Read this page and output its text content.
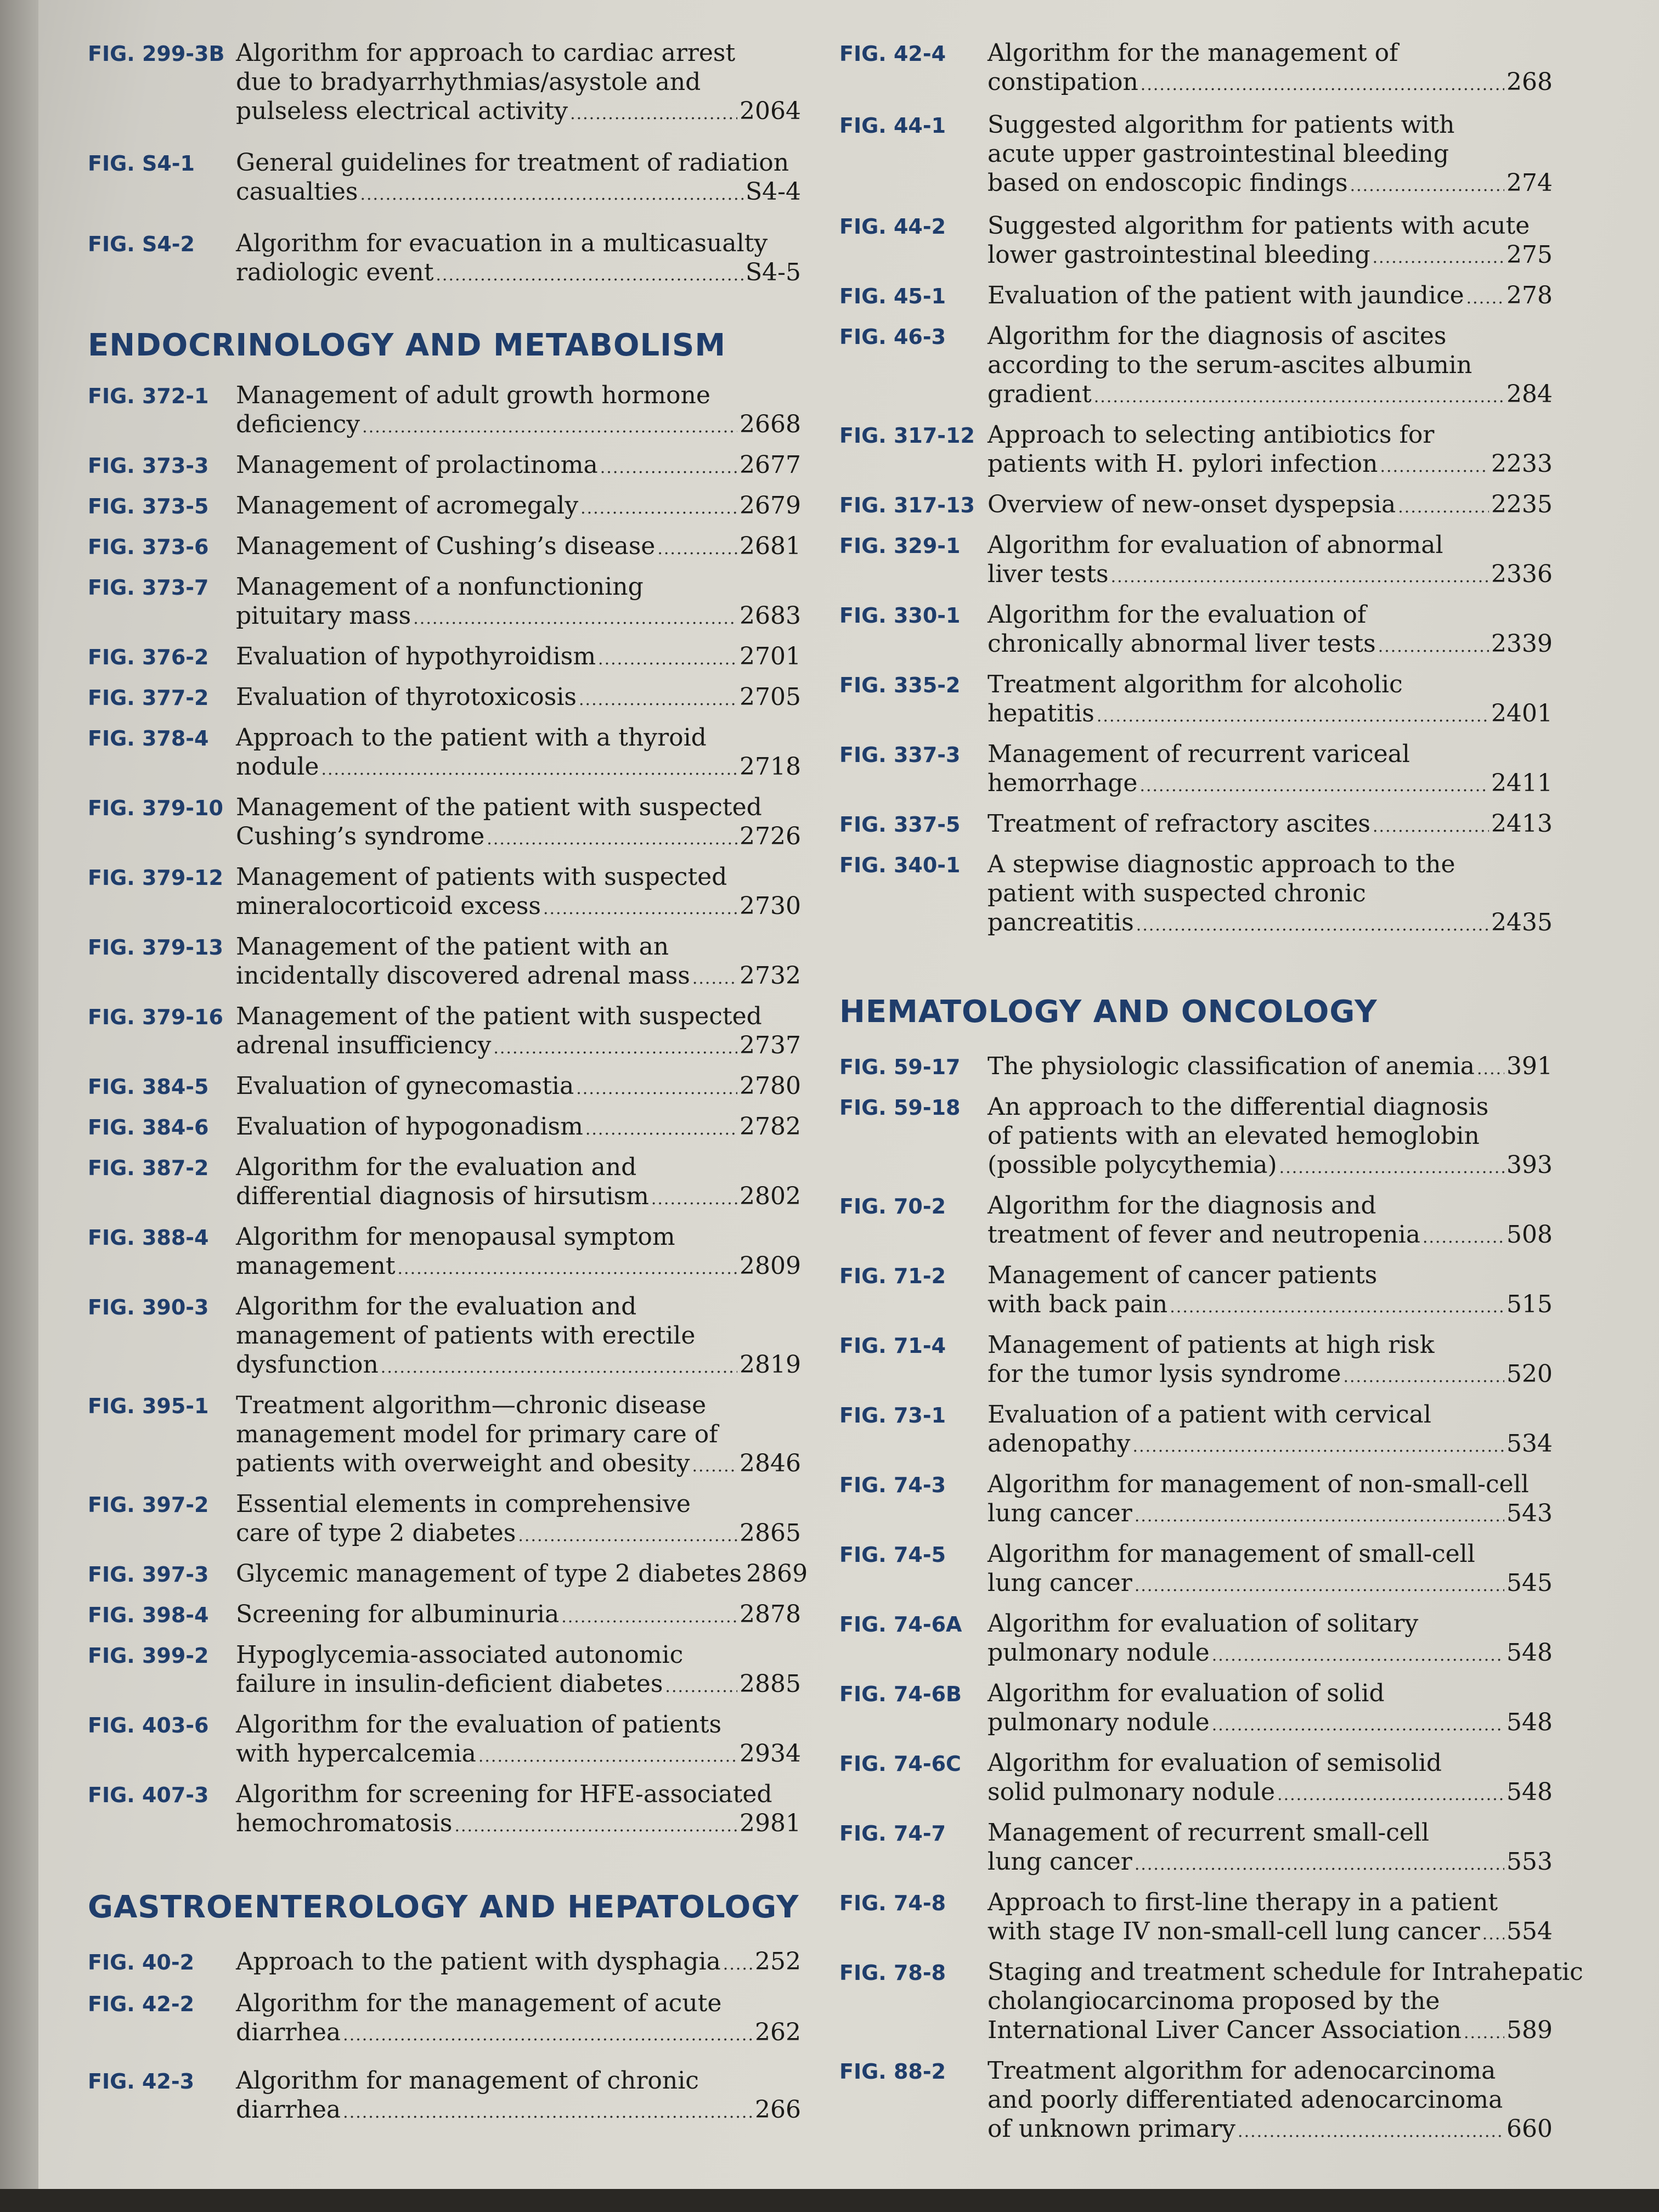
FIG. 299-3B Algorithm for approach to cardiac arrest
due to bradyarrhythmias/asystole and
pulseless electrical activity .....	2064
FIG. S4-1 General guidelines for treatment of radiation
casualties .....	S4-4
FIG. S4-2 Algorithm for evacuation in a multicasualty
radiologic event .....	S4-5
ENDOCRINOLOGY AND METABOLISM
FIG. 372-1 Management of adult growth hormone
deficiency .....	2668
FIG. 373-3 Management of prolactinoma .....	2677
FIG. 373-5 Management of acromegaly .....	2679
FIG. 373-6 Management of Cushing’s disease .....	2681
FIG. 373-7 Management of a nonfunctioning
pituitary mass .....	2683
FIG. 376-2 Evaluation of hypothyroidism .....	2701
FIG. 377-2 Evaluation of thyrotoxicosis .....	2705
FIG. 378-4 Approach to the patient with a thyroid
nodule .....	2718
FIG. 379-10 Management of the patient with suspected
Cushing’s syndrome .....	2726
FIG. 379-12 Management of patients with suspected
mineralocorticoid excess .....	2730
FIG. 379-13 Management of the patient with an
incidentally discovered adrenal mass ..... 2732
FIG. 379-16 Management of the patient with suspected
adrenal insufficiency .....	2737
FIG. 384-5 Evaluation of gynecomastia .....	2780
FIG. 384-6 Evaluation of hypogonadism .....	2782
FIG. 387-2 Algorithm for the evaluation and
differential diagnosis of hirsutism .....	2802
FIG. 388-4 Algorithm for menopausal symptom
management .....	2809
FIG. 390-3 Algorithm for the evaluation and
management of patients with erectile
dysfunction .....	2819
FIG. 395-1 Treatment algorithm—chronic disease
management model for primary care of
patients with overweight and obesity ..... 2846
FIG. 397-2 Essential elements in comprehensive
care of type 2 diabetes .....	2865
FIG. 397-3 Glycemic management of type 2 diabetes 2869
FIG. 398-4 Screening for albuminuria .....	2878
FIG. 399-2 Hypoglycemia-associated autonomic
failure in insulin-deficient diabetes .....	2885
FIG. 403-6 Algorithm for the evaluation of patients
with hypercalcemia .....	2934
FIG. 407-3 Algorithm for screening for HFE-associated
hemochromatosis .....	2981
GASTROENTEROLOGY AND HEPATOLOGY
FIG. 40-2 Approach to the patient with dysphagia ..... 252
FIG. 42-2 Algorithm for the management of acute
diarrhea .....	262
FIG. 42-3 Algorithm for management of chronic
diarrhea .....	266
FIG. 42-4 Algorithm for the management of
constipation .....	268
FIG. 44-1 Suggested algorithm for patients with
acute upper gastrointestinal bleeding
based on endoscopic findings .....	274
FIG. 44-2 Suggested algorithm for patients with acute
lower gastrointestinal bleeding .....	275
FIG. 45-1 Evaluation of the patient with jaundice ..... 278
FIG. 46-3 Algorithm for the diagnosis of ascites
according to the serum-ascites albumin
gradient .....	284
FIG. 317-12 Approach to selecting antibiotics for
patients with H. pylori infection .....	2233
FIG. 317-13 Overview of new-onset dyspepsia .....	2235
FIG. 329-1 Algorithm for evaluation of abnormal
liver tests .....	2336
FIG. 330-1 Algorithm for the evaluation of
chronically abnormal liver tests .....	2339
FIG. 335-2 Treatment algorithm for alcoholic
hepatitis .....	2401
FIG. 337-3 Management of recurrent variceal
hemorrhage .....	2411
FIG. 337-5 Treatment of refractory ascites .....	2413
FIG. 340-1 A stepwise diagnostic approach to the
patient with suspected chronic
pancreatitis .....	2435
HEMATOLOGY AND ONCOLOGY
FIG. 59-17 The physiologic classification of anemia ..... 391
FIG. 59-18 An approach to the differential diagnosis
of patients with an elevated hemoglobin
(possible polycythemia) .....	393
FIG. 70-2 Algorithm for the diagnosis and
treatment of fever and neutropenia .....	508
FIG. 71-2 Management of cancer patients
with back pain .....	515
FIG. 71-4 Management of patients at high risk
for the tumor lysis syndrome .....	520
FIG. 73-1 Evaluation of a patient with cervical
adenopathy .....	534
FIG. 74-3 Algorithm for management of non-small-cell
lung cancer .....	543
FIG. 74-5 Algorithm for management of small-cell
lung cancer .....	545
FIG. 74-6A Algorithm for evaluation of solitary
pulmonary nodule .....	548
FIG. 74-6B Algorithm for evaluation of solid
pulmonary nodule .....	548
FIG. 74-6C Algorithm for evaluation of semisolid
solid pulmonary nodule .....	548
FIG. 74-7 Management of recurrent small-cell
lung cancer .....	553
FIG. 74-8 Approach to first-line therapy in a patient
with stage IV non-small-cell lung cancer ..... 554
FIG. 78-8 Staging and treatment schedule for Intrahepatic
cholangiocarcinoma proposed by the
International Liver Cancer Association ..... 589
FIG. 88-2 Treatment algorithm for adenocarcinoma
and poorly differentiated adenocarcinoma
of unknown primary .....	660
